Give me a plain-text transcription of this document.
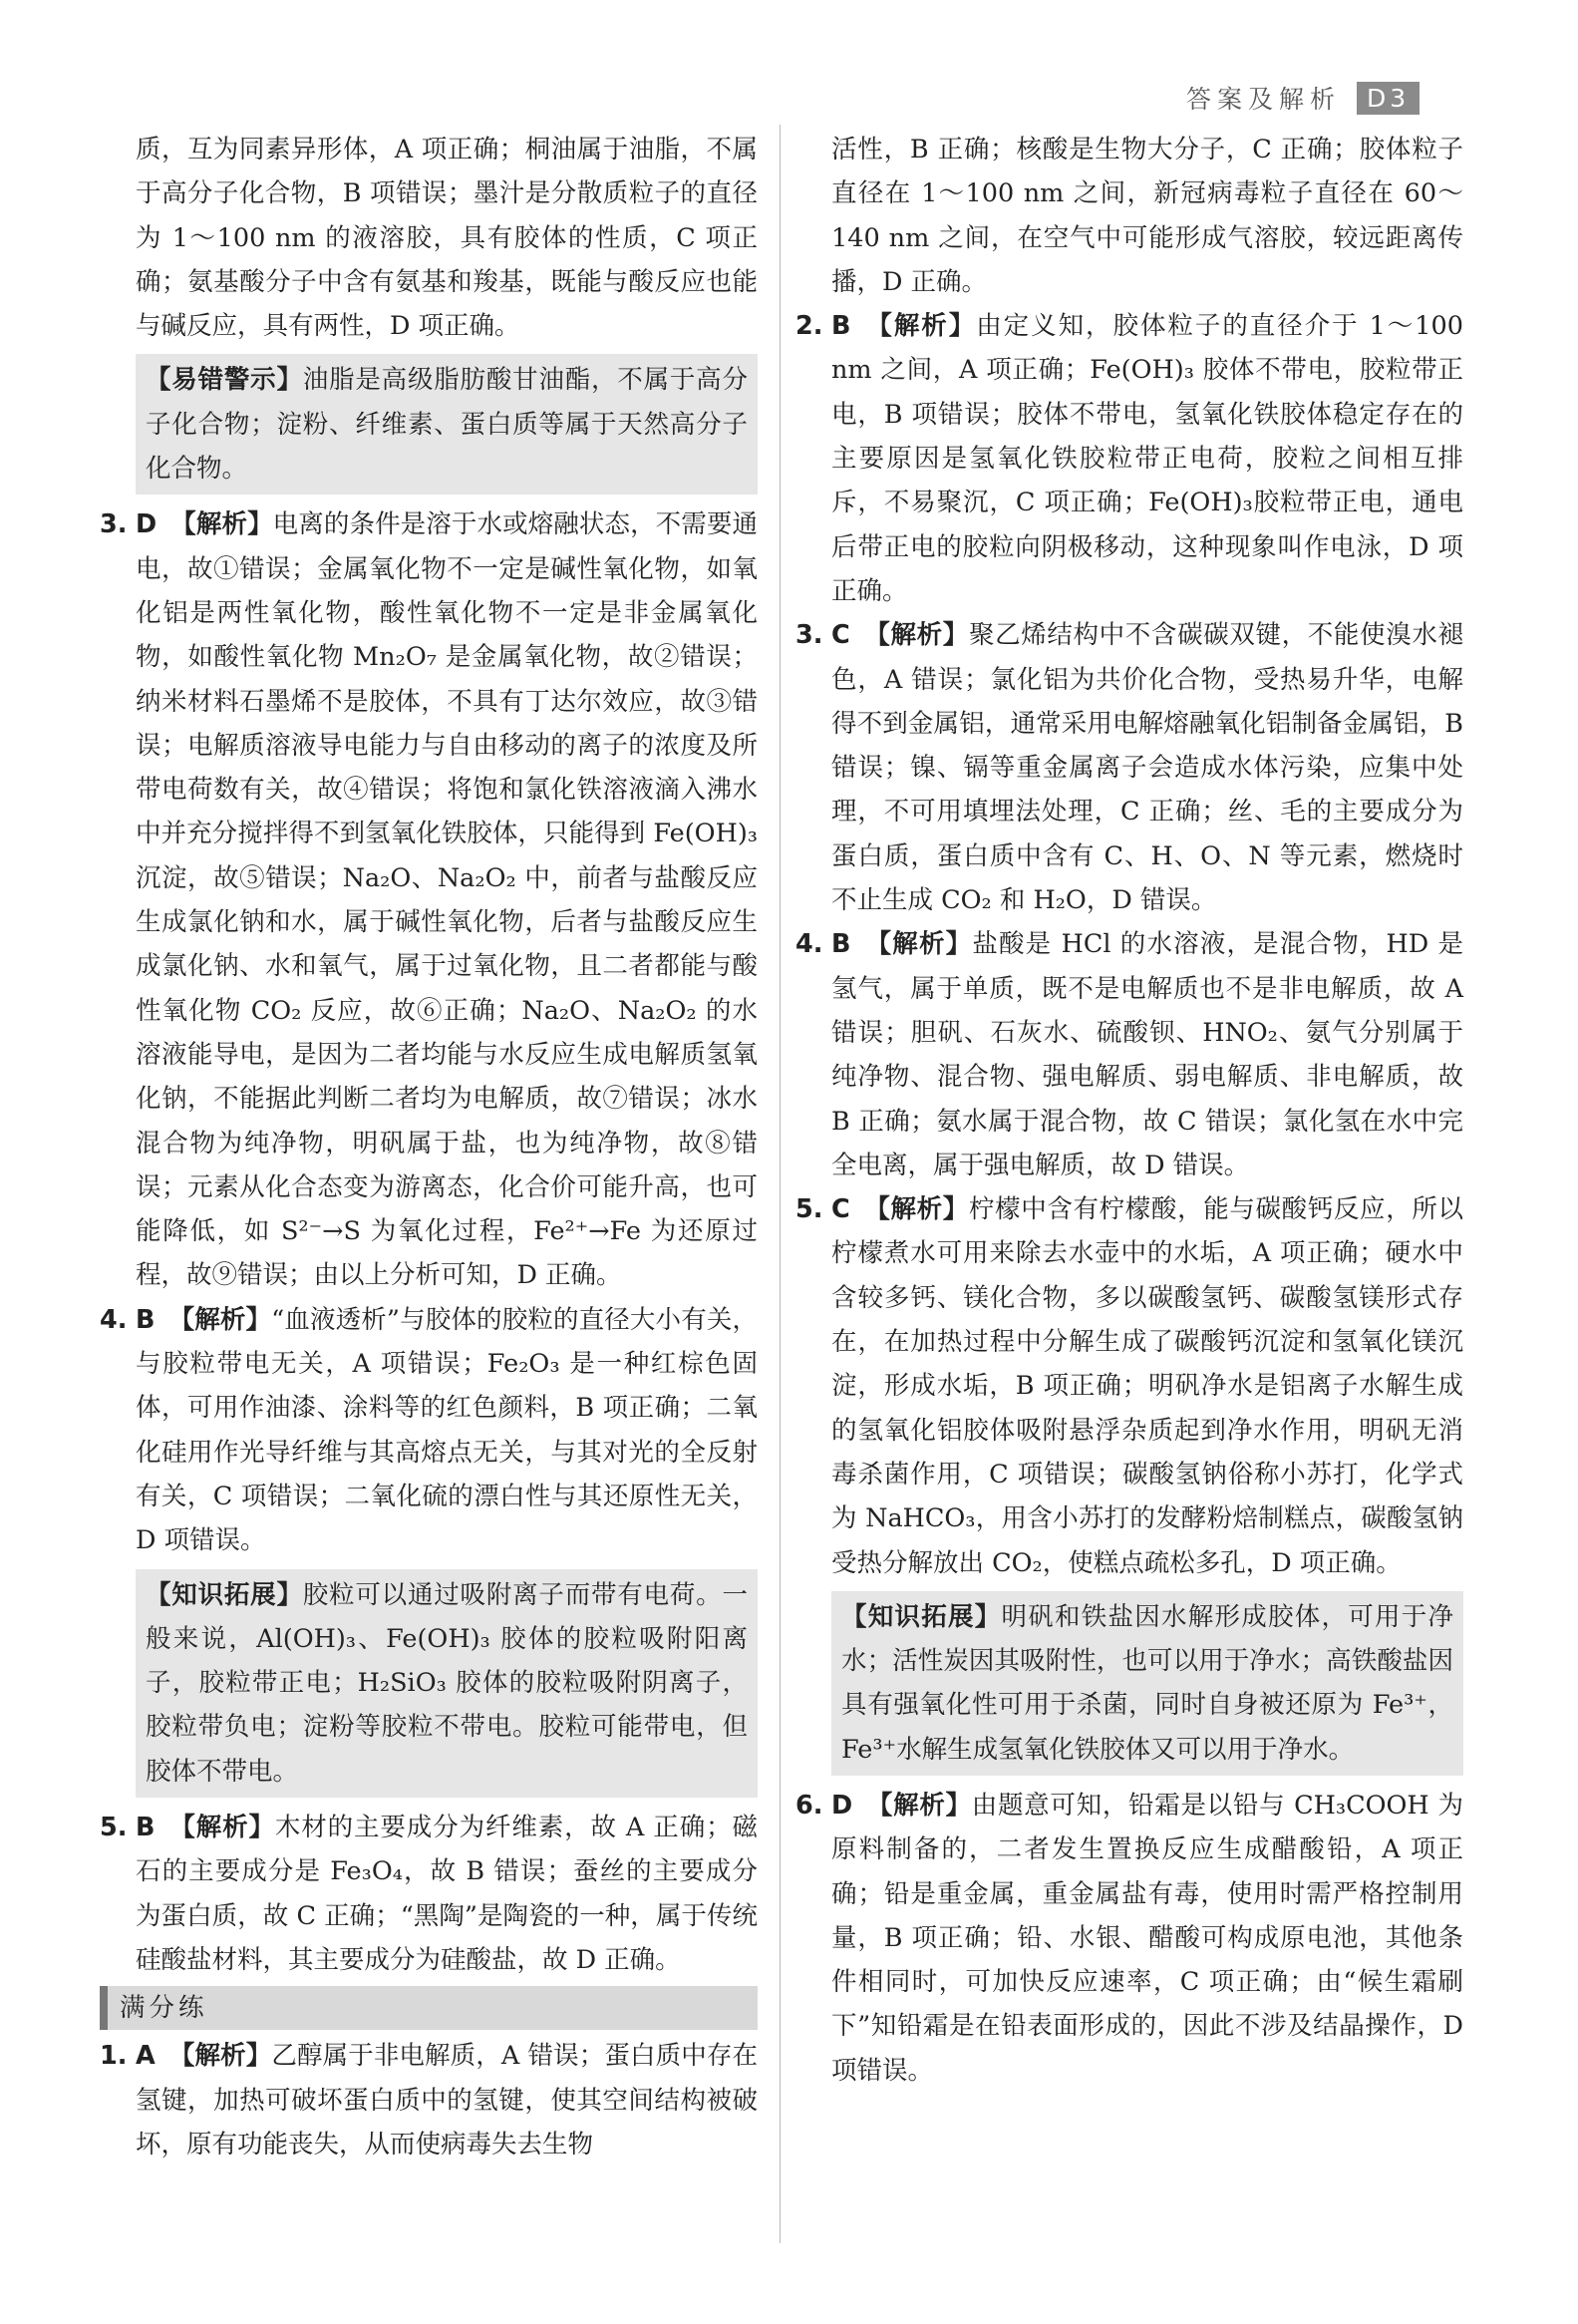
答案及解析	D3

质，互为同素异形体，A 项正确；桐油属于油脂，不属于高分子化合物，B 项错误；墨汁是分散质粒子的直径为 1～100 nm 的液溶胶，具有胶体的性质，C 项正确；氨基酸分子中含有氨基和羧基，既能与酸反应也能与碱反应，具有两性，D 项正确。

【易错警示】油脂是高级脂肪酸甘油酯，不属于高分子化合物；淀粉、纤维素、蛋白质等属于天然高分子化合物。

3. D 【解析】电离的条件是溶于水或熔融状态，不需要通电，故①错误；金属氧化物不一定是碱性氧化物，如氧化铝是两性氧化物，酸性氧化物不一定是非金属氧化物，如酸性氧化物 Mn₂O₇ 是金属氧化物，故②错误；纳米材料石墨烯不是胶体，不具有丁达尔效应，故③错误；电解质溶液导电能力与自由移动的离子的浓度及所带电荷数有关，故④错误；将饱和氯化铁溶液滴入沸水中并充分搅拌得不到氢氧化铁胶体，只能得到 Fe(OH)₃ 沉淀，故⑤错误；Na₂O、Na₂O₂ 中，前者与盐酸反应生成氯化钠和水，属于碱性氧化物，后者与盐酸反应生成氯化钠、水和氧气，属于过氧化物，且二者都能与酸性氧化物 CO₂ 反应，故⑥正确；Na₂O、Na₂O₂ 的水溶液能导电，是因为二者均能与水反应生成电解质氢氧化钠，不能据此判断二者均为电解质，故⑦错误；冰水混合物为纯净物，明矾属于盐，也为纯净物，故⑧错误；元素从化合态变为游离态，化合价可能升高，也可能降低，如 S²⁻→S 为氧化过程，Fe²⁺→Fe 为还原过程，故⑨错误；由以上分析可知，D 正确。

4. B 【解析】“血液透析”与胶体的胶粒的直径大小有关，与胶粒带电无关，A 项错误；Fe₂O₃ 是一种红棕色固体，可用作油漆、涂料等的红色颜料，B 项正确；二氧化硅用作光导纤维与其高熔点无关，与其对光的全反射有关，C 项错误；二氧化硫的漂白性与其还原性无关，D 项错误。

【知识拓展】胶粒可以通过吸附离子而带有电荷。一般来说，Al(OH)₃、Fe(OH)₃ 胶体的胶粒吸附阳离子，胶粒带正电；H₂SiO₃ 胶体的胶粒吸附阴离子，胶粒带负电；淀粉等胶粒不带电。胶粒可能带电，但胶体不带电。

5. B 【解析】木材的主要成分为纤维素，故 A 正确；磁石的主要成分是 Fe₃O₄，故 B 错误；蚕丝的主要成分为蛋白质，故 C 正确；“黑陶”是陶瓷的一种，属于传统硅酸盐材料，其主要成分为硅酸盐，故 D 正确。

满分练

1. A 【解析】乙醇属于非电解质，A 错误；蛋白质中存在氢键，加热可破坏蛋白质中的氢键，使其空间结构被破坏，原有功能丧失，从而使病毒失去生物

活性，B 正确；核酸是生物大分子，C 正确；胶体粒子直径在 1～100 nm 之间，新冠病毒粒子直径在 60～140 nm 之间，在空气中可能形成气溶胶，较远距离传播，D 正确。

2. B 【解析】由定义知，胶体粒子的直径介于 1～100 nm 之间，A 项正确；Fe(OH)₃ 胶体不带电，胶粒带正电，B 项错误；胶体不带电，氢氧化铁胶体稳定存在的主要原因是氢氧化铁胶粒带正电荷，胶粒之间相互排斥，不易聚沉，C 项正确；Fe(OH)₃胶粒带正电，通电后带正电的胶粒向阴极移动，这种现象叫作电泳，D 项正确。

3. C 【解析】聚乙烯结构中不含碳碳双键，不能使溴水褪色，A 错误；氯化铝为共价化合物，受热易升华，电解得不到金属铝，通常采用电解熔融氧化铝制备金属铝，B 错误；镍、镉等重金属离子会造成水体污染，应集中处理，不可用填埋法处理，C 正确；丝、毛的主要成分为蛋白质，蛋白质中含有 C、H、O、N 等元素，燃烧时不止生成 CO₂ 和 H₂O，D 错误。

4. B 【解析】盐酸是 HCl 的水溶液，是混合物，HD 是氢气，属于单质，既不是电解质也不是非电解质，故 A 错误；胆矾、石灰水、硫酸钡、HNO₂、氨气分别属于纯净物、混合物、强电解质、弱电解质、非电解质，故 B 正确；氨水属于混合物，故 C 错误；氯化氢在水中完全电离，属于强电解质，故 D 错误。

5. C 【解析】柠檬中含有柠檬酸，能与碳酸钙反应，所以柠檬煮水可用来除去水壶中的水垢，A 项正确；硬水中含较多钙、镁化合物，多以碳酸氢钙、碳酸氢镁形式存在，在加热过程中分解生成了碳酸钙沉淀和氢氧化镁沉淀，形成水垢，B 项正确；明矾净水是铝离子水解生成的氢氧化铝胶体吸附悬浮杂质起到净水作用，明矾无消毒杀菌作用，C 项错误；碳酸氢钠俗称小苏打，化学式为 NaHCO₃，用含小苏打的发酵粉焙制糕点，碳酸氢钠受热分解放出 CO₂，使糕点疏松多孔，D 项正确。

【知识拓展】明矾和铁盐因水解形成胶体，可用于净水；活性炭因其吸附性，也可以用于净水；高铁酸盐因具有强氧化性可用于杀菌，同时自身被还原为 Fe³⁺，Fe³⁺水解生成氢氧化铁胶体又可以用于净水。

6. D 【解析】由题意可知，铅霜是以铅与 CH₃COOH 为原料制备的，二者发生置换反应生成醋酸铅，A 项正确；铅是重金属，重金属盐有毒，使用时需严格控制用量，B 项正确；铅、水银、醋酸可构成原电池，其他条件相同时，可加快反应速率，C 项正确；由“候生霜刷下”知铅霜是在铅表面形成的，因此不涉及结晶操作，D 项错误。
